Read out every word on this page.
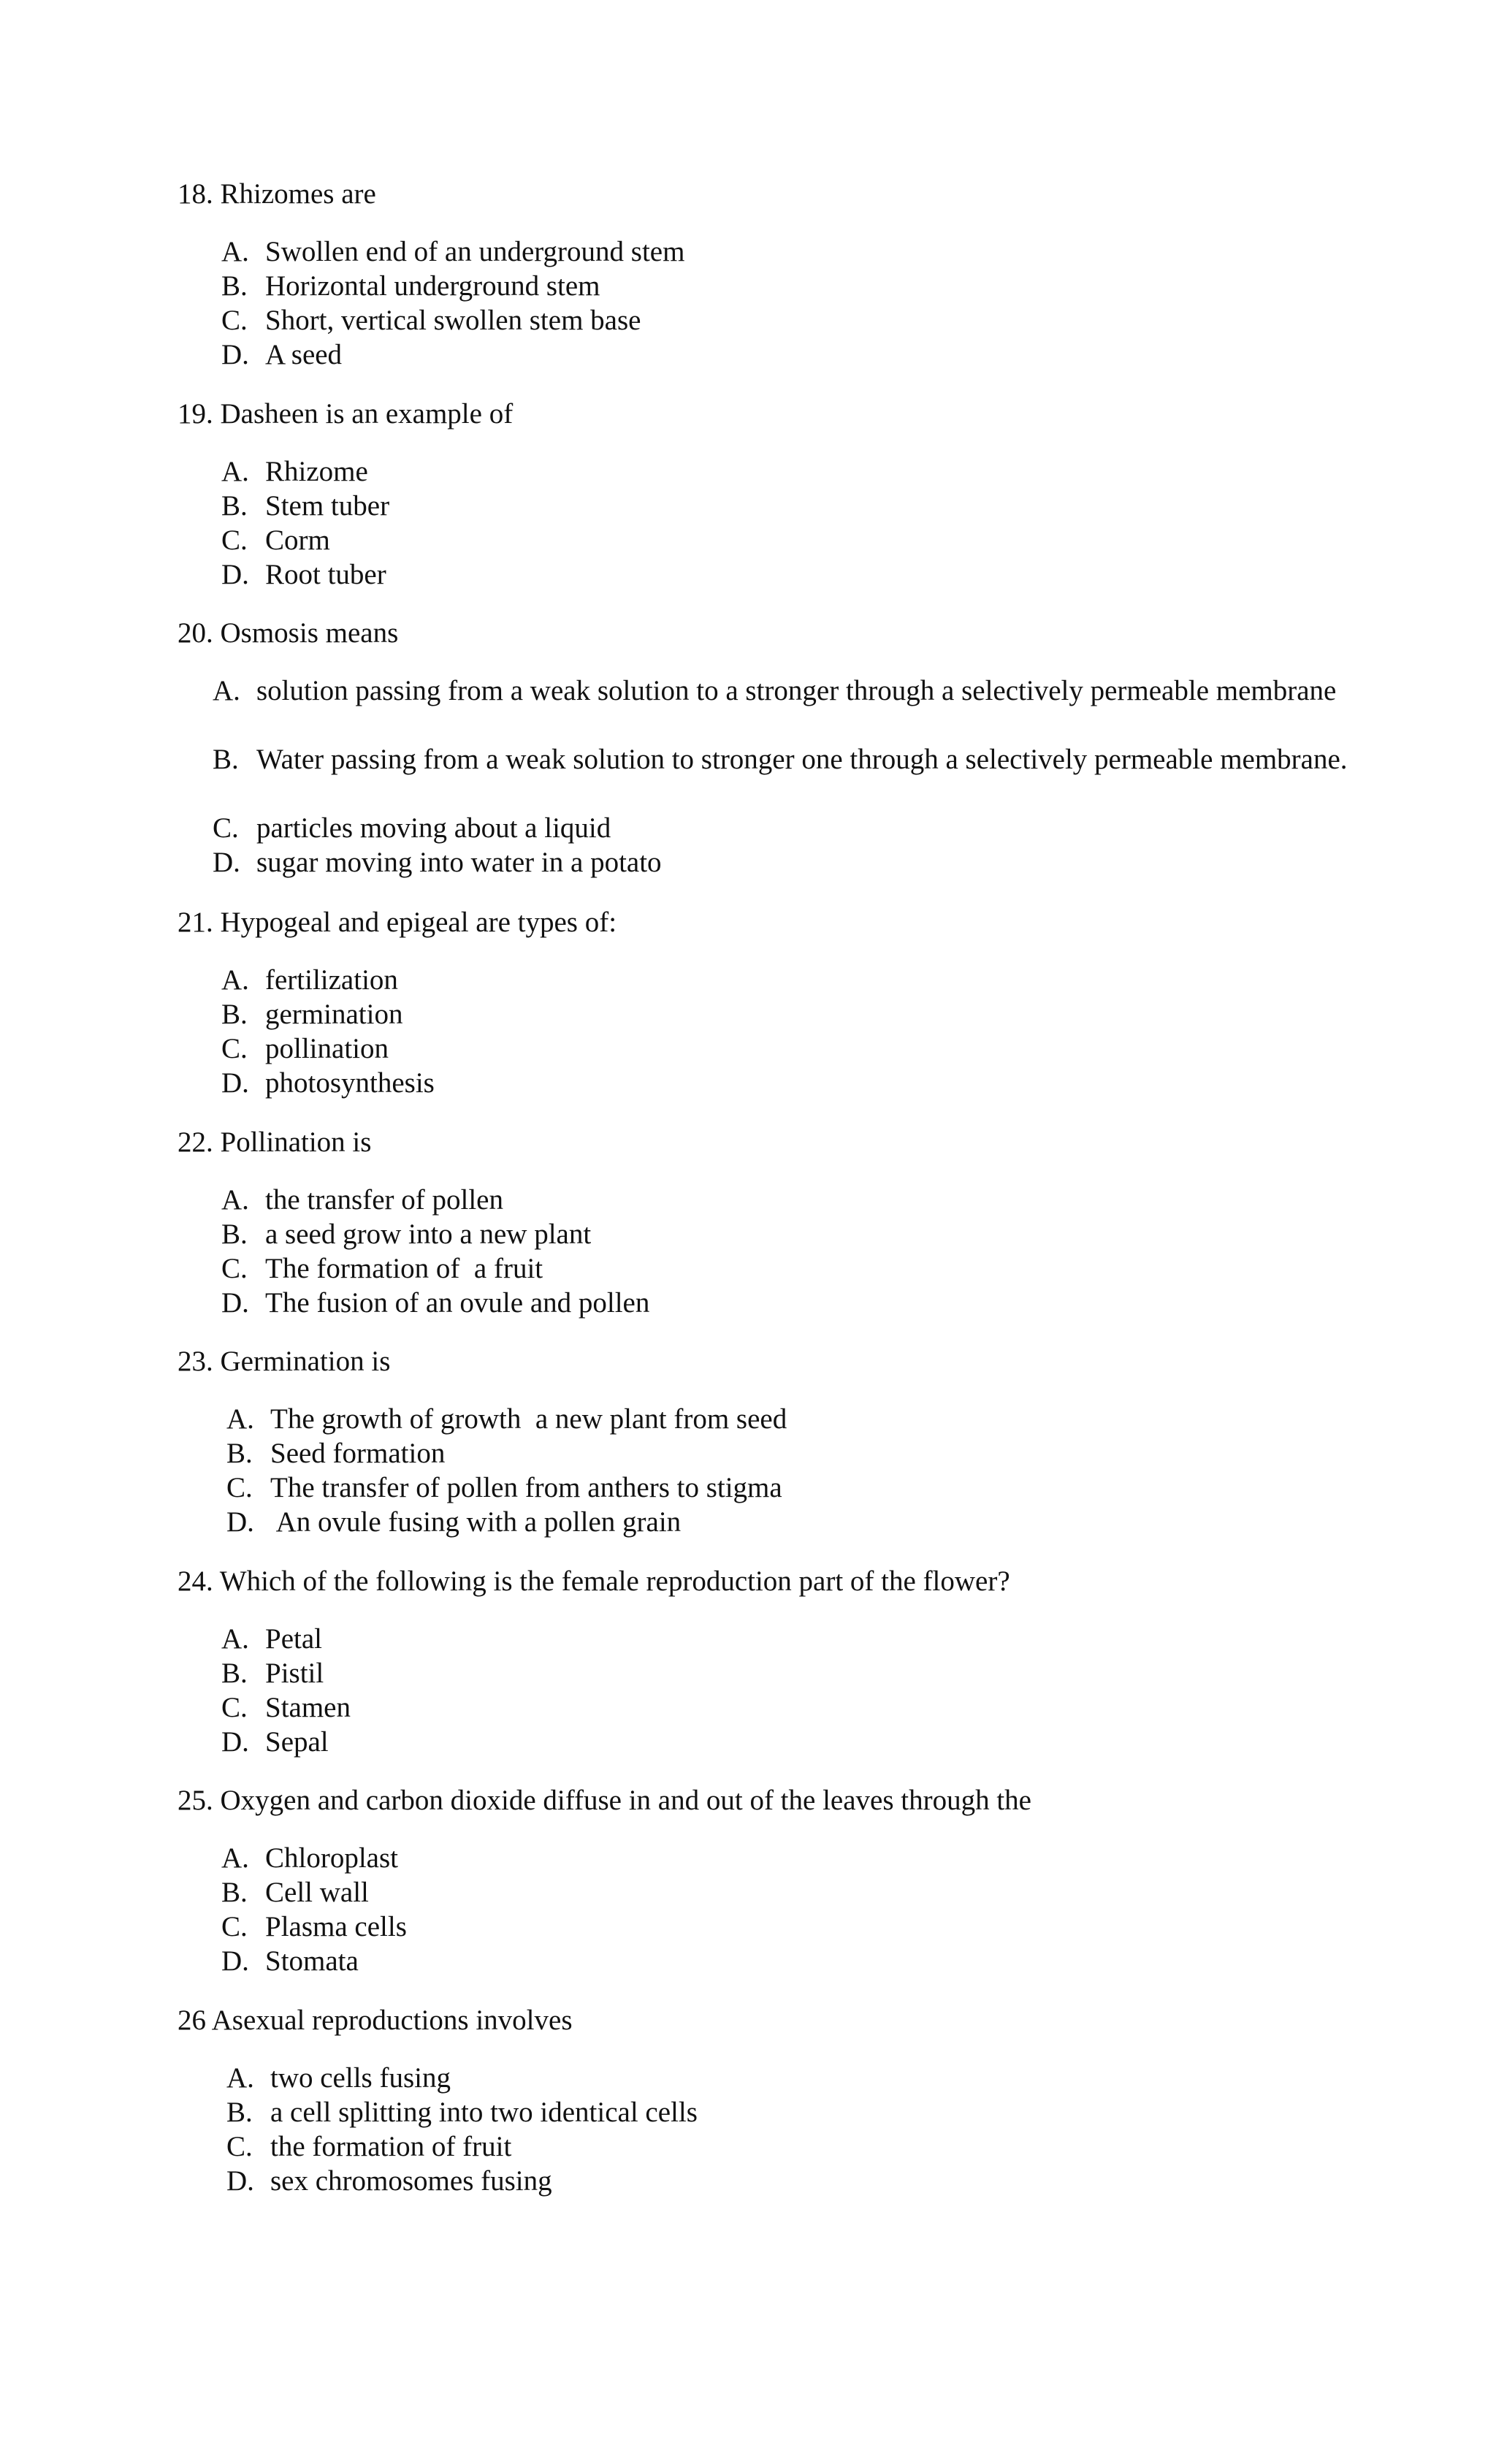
18. Rhizomes are
A. Swollen end of an underground stem
B. Horizontal underground stem
C. Short, vertical swollen stem base
D. A seed
19. Dasheen is an example of
A. Rhizome
B. Stem tuber
C. Corm
D. Root tuber
20. Osmosis means
A. solution passing from a weak solution to a stronger through a selectively permeable membrane
B. Water passing from a weak solution to stronger one through a selectively permeable membrane.
C. particles moving about a liquid
D. sugar moving into water in a potato
21. Hypogeal and epigeal are types of:
A. fertilization
B. germination
C. pollination
D. photosynthesis
22. Pollination is
A. the transfer of pollen
B. a seed grow into a new plant
C. The formation of  a fruit
D. The fusion of an ovule and pollen
23. Germination is
A. The growth of growth  a new plant from seed
B. Seed formation
C. The transfer of pollen from anthers to stigma
D. An ovule fusing with a pollen grain
24. Which of the following is the female reproduction part of the flower?
A. Petal
B. Pistil
C. Stamen
D. Sepal
25. Oxygen and carbon dioxide diffuse in and out of the leaves through the
A. Chloroplast
B. Cell wall
C. Plasma cells
D. Stomata
26 Asexual reproductions involves
A. two cells fusing
B. a cell splitting into two identical cells
C. the formation of fruit
D. sex chromosomes fusing
